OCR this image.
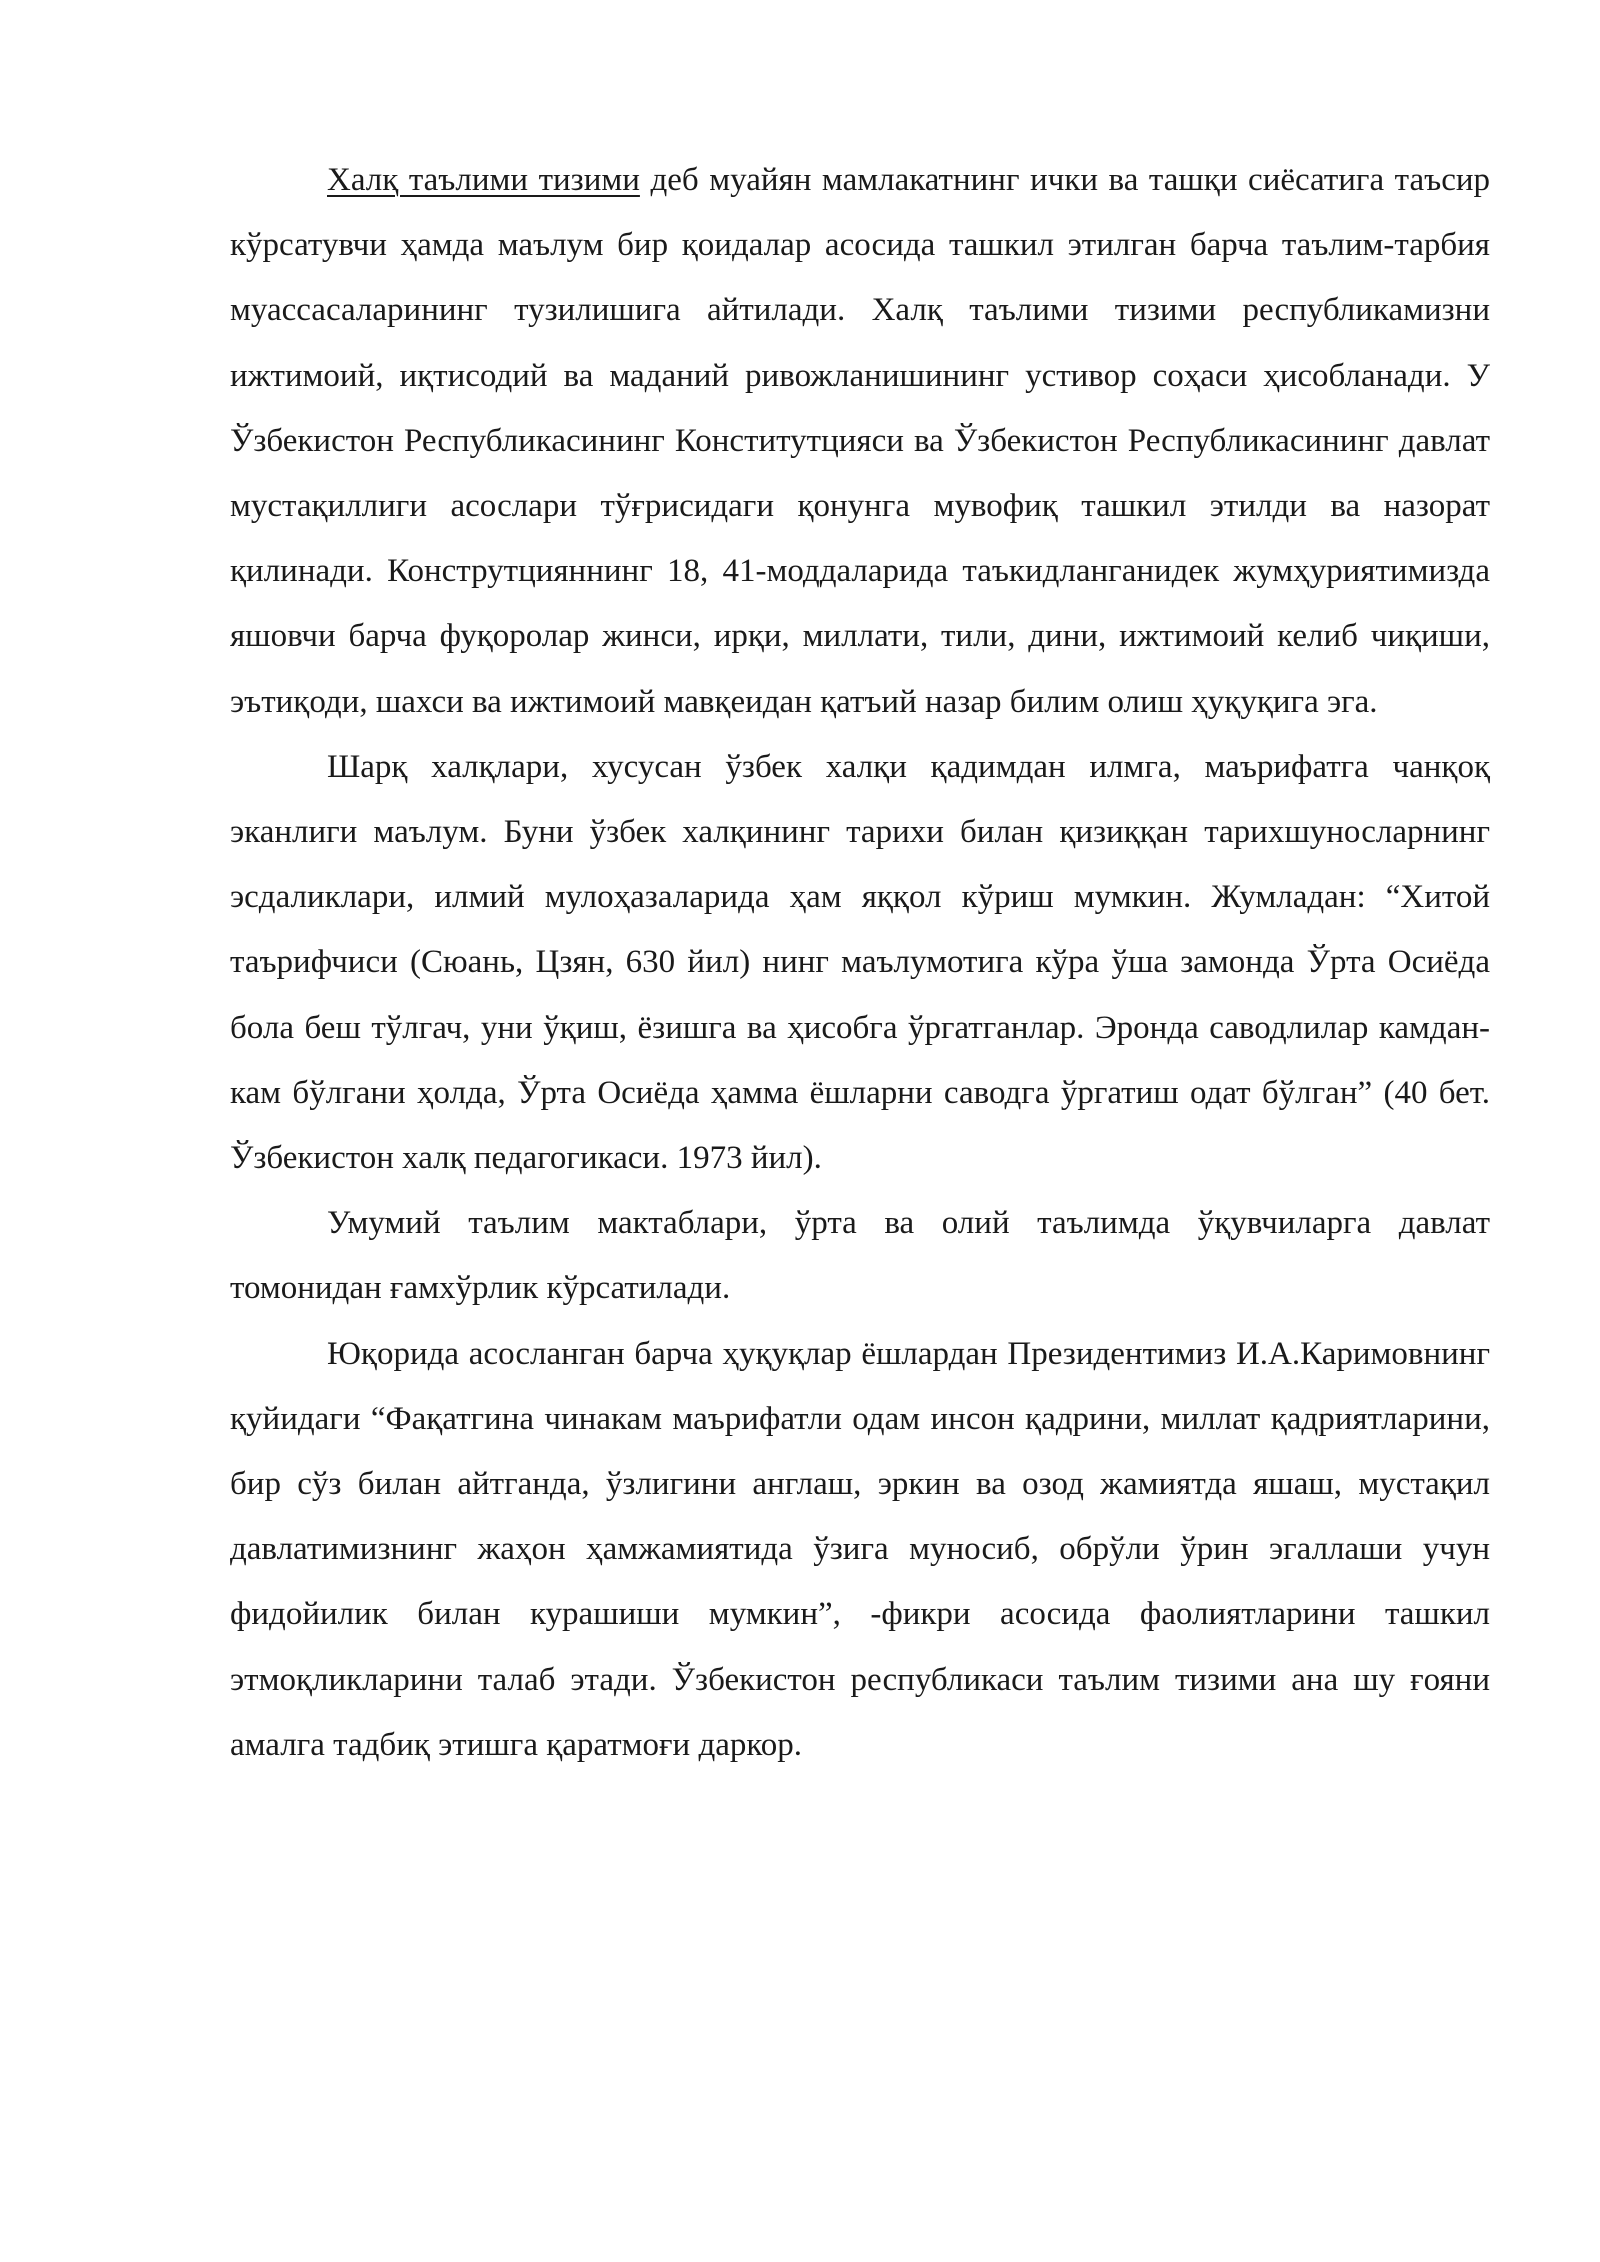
Халқ таълими тизими деб муайян мамлакатнинг ички ва ташқи сиёсатига таъсир кўрсатувчи ҳамда маълум бир қоидалар асосида ташкил этилган барча таълим-тарбия муассасаларининг тузилишига айтилади. Халқ таълими тизими республикамизни ижтимоий, иқтисодий ва маданий ривожланишининг устивор соҳаси ҳисобланади. У Ўзбекистон Республикасининг Конститутцияси ва Ўзбекистон Республикасининг давлат мустақиллиги асослари тўғрисидаги қонунга мувофиқ ташкил этилди ва назорат қилинади. Конструтцияннинг 18, 41-моддаларида таъкидланганидек жумҳуриятимизда яшовчи барча фуқоролар жинси, ирқи, миллати, тили, дини, ижтимоий келиб чиқиши, эътиқоди, шахси ва ижтимоий мавқеидан қатъий назар билим олиш ҳуқуқига эга.

Шарқ халқлари, хусусан ўзбек халқи қадимдан илмга, маърифатга чанқоқ эканлиги маълум. Буни ўзбек халқининг тарихи билан қизиққан тарихшуносларнинг эсдаликлари, илмий мулоҳазаларида ҳам яққол кўриш мумкин. Жумладан: “Хитой таърифчиси (Сюань, Цзян, 630 йил) нинг маълумотига кўра ўша замонда Ўрта Осиёда бола беш тўлгач, уни ўқиш, ёзишга ва ҳисобга ўргатганлар. Эронда саводлилар камдан-кам бўлгани ҳолда, Ўрта Осиёда ҳамма ёшларни саводга ўргатиш одат бўлган” (40 бет. Ўзбекистон халқ педагогикаси. 1973 йил).

Умумий таълим мактаблари, ўрта ва олий таълимда ўқувчиларга давлат томонидан ғамхўрлик кўрсатилади.

Юқорида асосланган барча ҳуқуқлар ёшлардан Президентимиз И.А.Каримовнинг қуйидаги “Фақатгина чинакам маърифатли одам инсон қадрини, миллат қадриятларини, бир сўз билан айтганда, ўзлигини англаш, эркин ва озод жамиятда яшаш, мустақил давлатимизнинг жаҳон ҳамжамиятида ўзига муносиб, обрўли ўрин эгаллаши учун фидойилик билан курашиши мумкин”, -фикри асосида фаолиятларини ташкил этмоқликларини талаб этади. Ўзбекистон республикаси таълим тизими ана шу ғояни амалга тадбиқ этишга қаратмоғи даркор.
